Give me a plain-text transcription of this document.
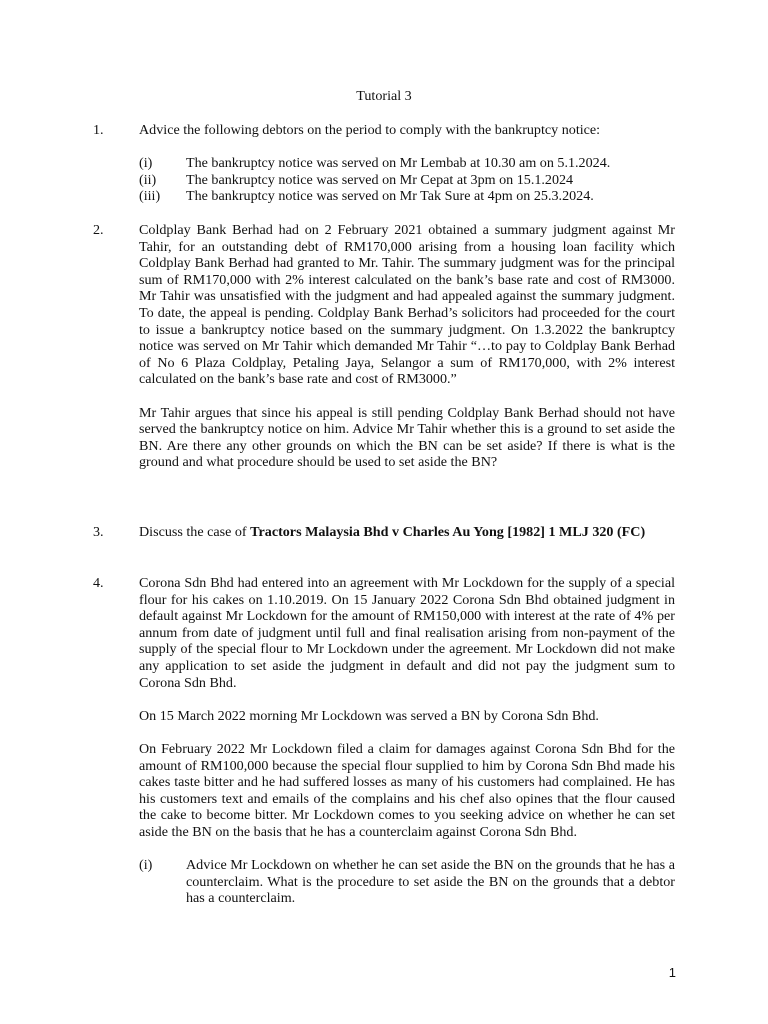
Tutorial 3
1.	Advice the following debtors on the period to comply with the bankruptcy notice:

(i) The bankruptcy notice was served on Mr Lembab at 10.30 am on 5.1.2024.
(ii) The bankruptcy notice was served on Mr Cepat at 3pm on 15.1.2024
(iii) The bankruptcy notice was served on Mr Tak Sure at 4pm on 25.3.2024.
2.	Coldplay Bank Berhad had on 2 February 2021 obtained a summary judgment against Mr Tahir, for an outstanding debt of RM170,000 arising from a housing loan facility which Coldplay Bank Berhad had granted to Mr. Tahir. The summary judgment was for the principal sum of RM170,000 with 2% interest calculated on the bank’s base rate and cost of RM3000. Mr Tahir was unsatisfied with the judgment and had appealed against the summary judgment. To date, the appeal is pending. Coldplay Bank Berhad’s solicitors had proceeded for the court to issue a bankruptcy notice based on the summary judgment. On 1.3.2022 the bankruptcy notice was served on Mr Tahir which demanded Mr Tahir “…to pay to Coldplay Bank Berhad of No 6 Plaza Coldplay, Petaling Jaya, Selangor a sum of RM170,000, with 2% interest calculated on the bank’s base rate and cost of RM3000.”

Mr Tahir argues that since his appeal is still pending Coldplay Bank Berhad should not have served the bankruptcy notice on him. Advice Mr Tahir whether this is a ground to set aside the BN. Are there any other grounds on which the BN can be set aside? If there is what is the ground and what procedure should be used to set aside the BN?

3.	Discuss the case of Tractors Malaysia Bhd v Charles Au Yong [1982] 1 MLJ 320 (FC)

4.	Corona Sdn Bhd had entered into an agreement with Mr Lockdown for the supply of a special flour for his cakes on 1.10.2019. On 15 January 2022 Corona Sdn Bhd obtained judgment in default against Mr Lockdown for the amount of RM150,000 with interest at the rate of 4% per annum from date of judgment until full and final realisation arising from non-payment of the supply of the special flour to Mr Lockdown under the agreement. Mr Lockdown did not make any application to set aside the judgment in default and did not pay the judgment sum to Corona Sdn Bhd.

On 15 March 2022 morning Mr Lockdown was served a BN by Corona Sdn Bhd.

On February 2022 Mr Lockdown filed a claim for damages against Corona Sdn Bhd for the amount of RM100,000 because the special flour supplied to him by Corona Sdn Bhd made his cakes taste bitter and he had suffered losses as many of his customers had complained. He has his customers text and emails of the complains and his chef also opines that the flour caused the cake to become bitter. Mr Lockdown comes to you seeking advice on whether he can set aside the BN on the basis that he has a counterclaim against Corona Sdn Bhd.

(i) Advice Mr Lockdown on whether he can set aside the BN on the grounds that he has a counterclaim. What is the procedure to set aside the BN on the grounds that a debtor has a counterclaim.
1
